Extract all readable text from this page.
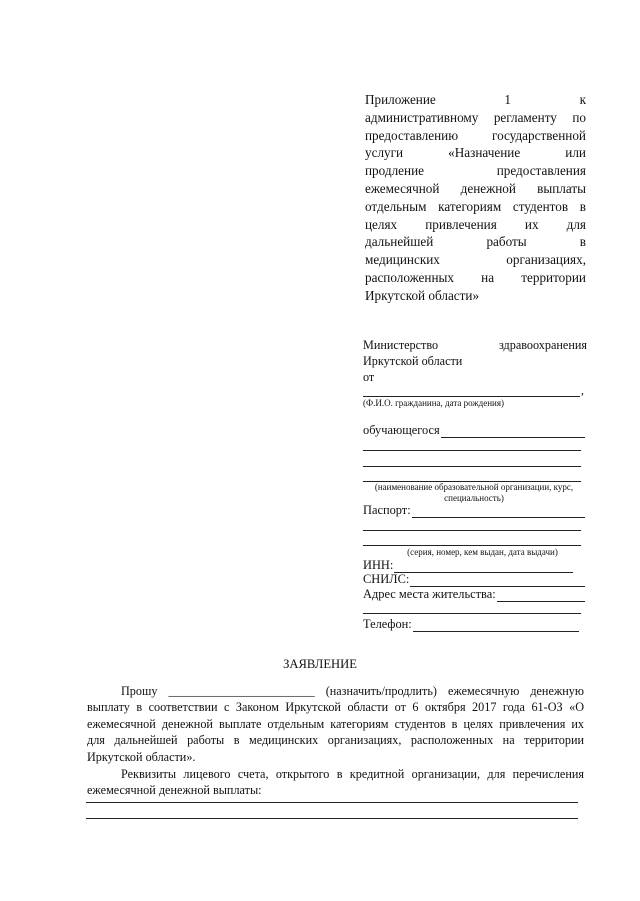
Приложение 1 к
административному регламенту по
предоставлению государственной
услуги «Назначение или
продление предоставления
ежемесячной денежной выплаты
отдельным категориям студентов в
целях привлечения их для
дальнейшей работы в
медицинских организациях,
расположенных на территории
Иркутской области»
Министерство здравоохранения
Иркутской области
от
,
(Ф.И.О. гражданина, дата рождения)
обучающегося
(наименование образовательной организации, курс,
специальность)
Паспорт:
(серия, номер, кем выдан, дата выдачи)
ИНН:
СНИЛС:
Адрес места жительства:
Телефон:
ЗАЯВЛЕНИЕ
Прошу ________________________ (назначить/продлить) ежемесячную денежную
выплату в соответствии с Законом Иркутской области от 6 октября 2017 года 61-ОЗ «О
ежемесячной денежной выплате отдельным категориям студентов в целях привлечения их
для дальнейшей работы в медицинских организациях, расположенных на территории
Иркутской области».
Реквизиты лицевого счета, открытого в кредитной организации, для перечисления
ежемесячной денежной выплаты:
